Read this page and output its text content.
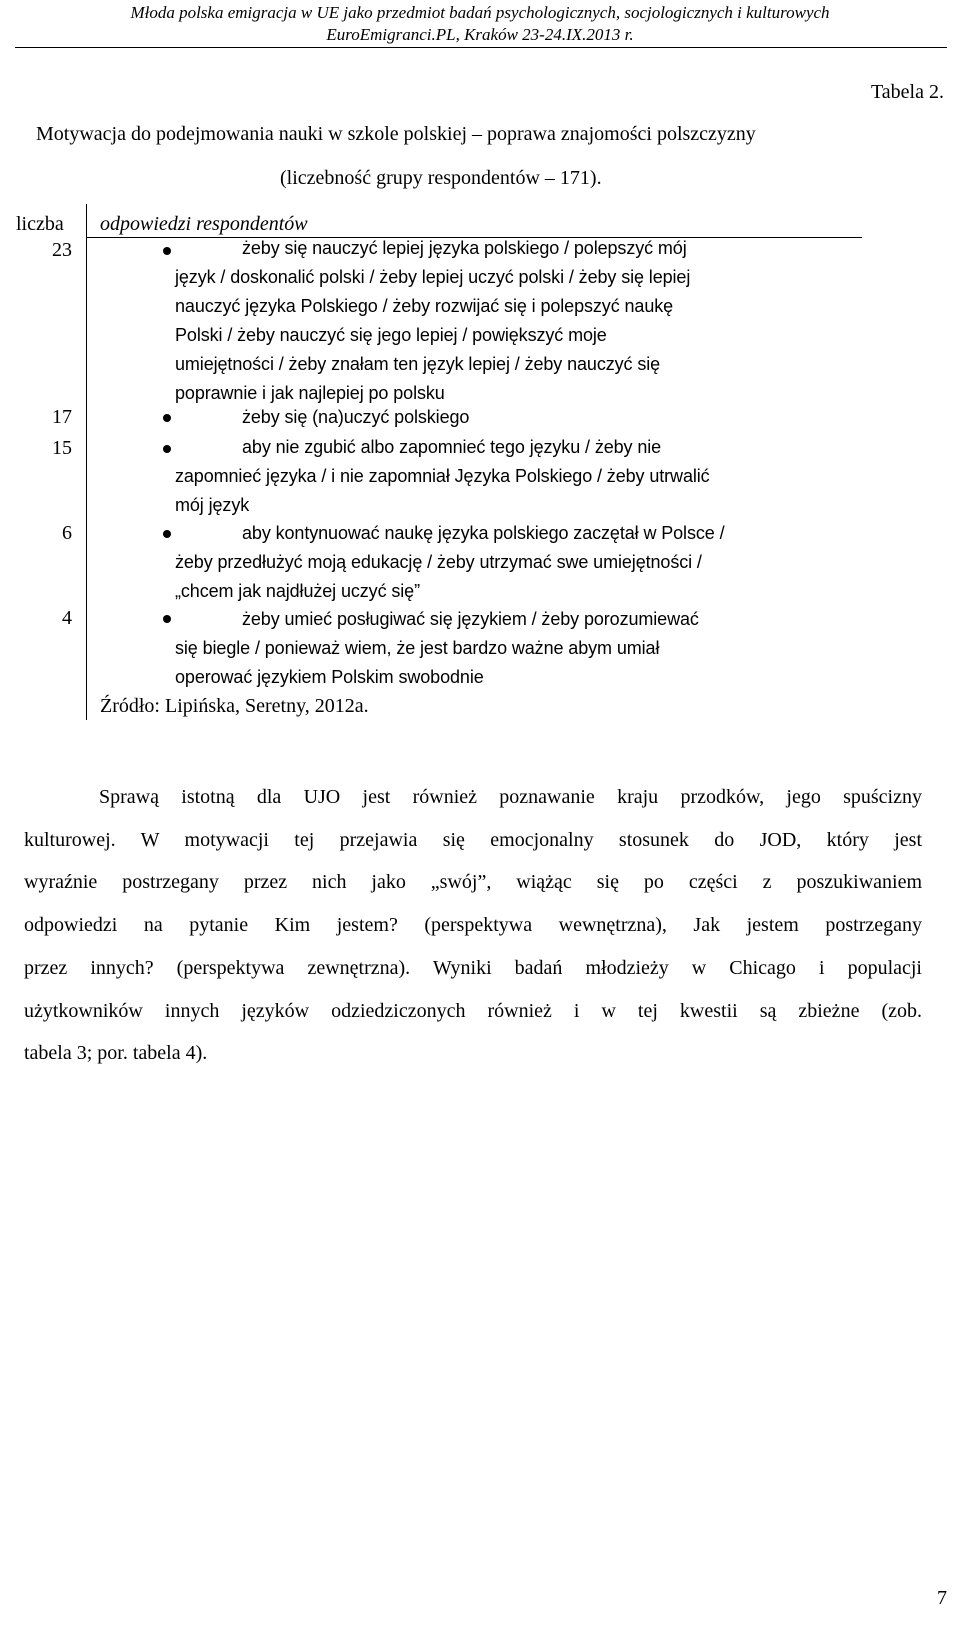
Młoda polska emigracja w UE jako przedmiot badań psychologicznych, socjologicznych i kulturowych
EuroEmigranci.PL, Kraków 23-24.IX.2013 r.
Tabela 2.
Motywacja do podejmowania nauki w szkole polskiej – poprawa znajomości polszczyzny
(liczebność grupy respondentów – 171).
liczba odpowiedzi respondentów
23	żeby się nauczyć lepiej języka polskiego / polepszyć mój
język / doskonalić polski / żeby lepiej uczyć polski / żeby się lepiej
nauczyć języka Polskiego / żeby rozwijać się i polepszyć naukę
Polski / żeby nauczyć się jego lepiej / powiększyć moje
umiejętności / żeby znałam ten język lepiej / żeby nauczyć się
poprawnie i jak najlepiej po polsku
17	żeby się (na)uczyć polskiego
15	aby nie zgubić albo zapomnieć tego języku / żeby nie
zapomnieć języka / i nie zapomniał Języka Polskiego / żeby utrwalić
mój język
6	aby kontynuować naukę języka polskiego zaczętał w Polsce /
żeby przedłużyć moją edukację / żeby utrzymać swe umiejętności /
„chcem jak najdłużej uczyć się”
4	żeby umieć posługiwać się językiem / żeby porozumiewać
się biegle / ponieważ wiem, że jest bardzo ważne abym umiał
operować językiem Polskim swobodnie
Źródło: Lipińska, Seretny, 2012a.
Sprawą istotną dla UJO jest również poznawanie kraju przodków, jego spuścizny
kulturowej. W motywacji tej przejawia się emocjonalny stosunek do JOD, który jest
wyraźnie postrzegany przez nich jako „swój”, wiążąc się po części z poszukiwaniem
odpowiedzi na pytanie Kim jestem? (perspektywa wewnętrzna), Jak jestem postrzegany
przez innych? (perspektywa zewnętrzna). Wyniki badań młodzieży w Chicago i populacji
użytkowników innych języków odziedziczonych również i w tej kwestii są zbieżne (zob.
tabela 3; por. tabela 4).
7
